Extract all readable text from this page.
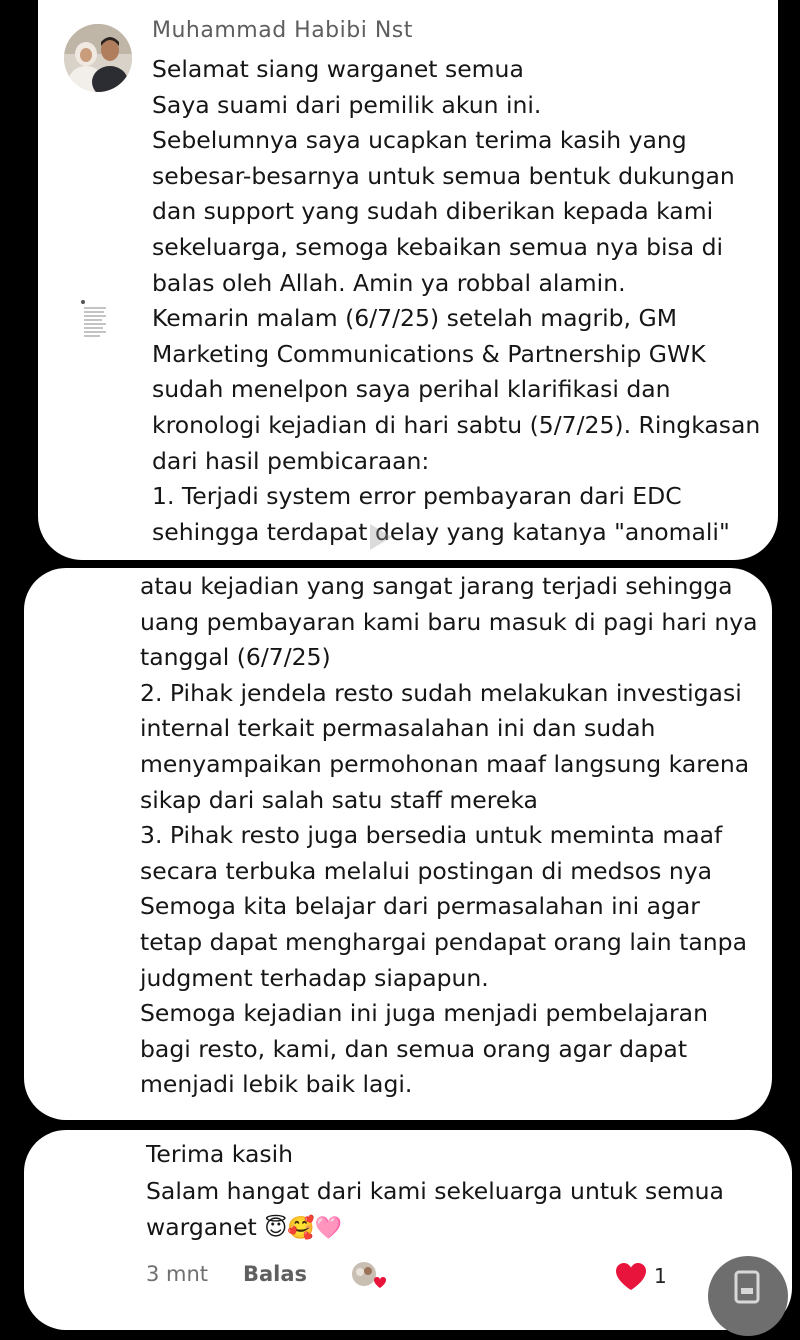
Muhammad Habibi Nst
Selamat siang warganet semua
Saya suami dari pemilik akun ini.
Sebelumnya saya ucapkan terima kasih yang
sebesar-besarnya untuk semua bentuk dukungan
dan support yang sudah diberikan kepada kami
sekeluarga, semoga kebaikan semua nya bisa di
balas oleh Allah. Amin ya robbal alamin.
Kemarin malam (6/7/25) setelah magrib, GM
Marketing Communications & Partnership GWK
sudah menelpon saya perihal klarifikasi dan
kronologi kejadian di hari sabtu (5/7/25). Ringkasan
dari hasil pembicaraan:
1. Terjadi system error pembayaran dari EDC
sehingga terdapat delay yang katanya "anomali"
atau kejadian yang sangat jarang terjadi sehingga
uang pembayaran kami baru masuk di pagi hari nya
tanggal (6/7/25)
2. Pihak jendela resto sudah melakukan investigasi
internal terkait permasalahan ini dan sudah
menyampaikan permohonan maaf langsung karena
sikap dari salah satu staff mereka
3. Pihak resto juga bersedia untuk meminta maaf
secara terbuka melalui postingan di medsos nya
Semoga kita belajar dari permasalahan ini agar
tetap dapat menghargai pendapat orang lain tanpa
judgment terhadap siapapun.
Semoga kejadian ini juga menjadi pembelajaran
bagi resto, kami, dan semua orang agar dapat
menjadi lebik baik lagi.
Terima kasih
Salam hangat dari kami sekeluarga untuk semua
warganet 😇🥰🩷
3 mnt Balas	1
